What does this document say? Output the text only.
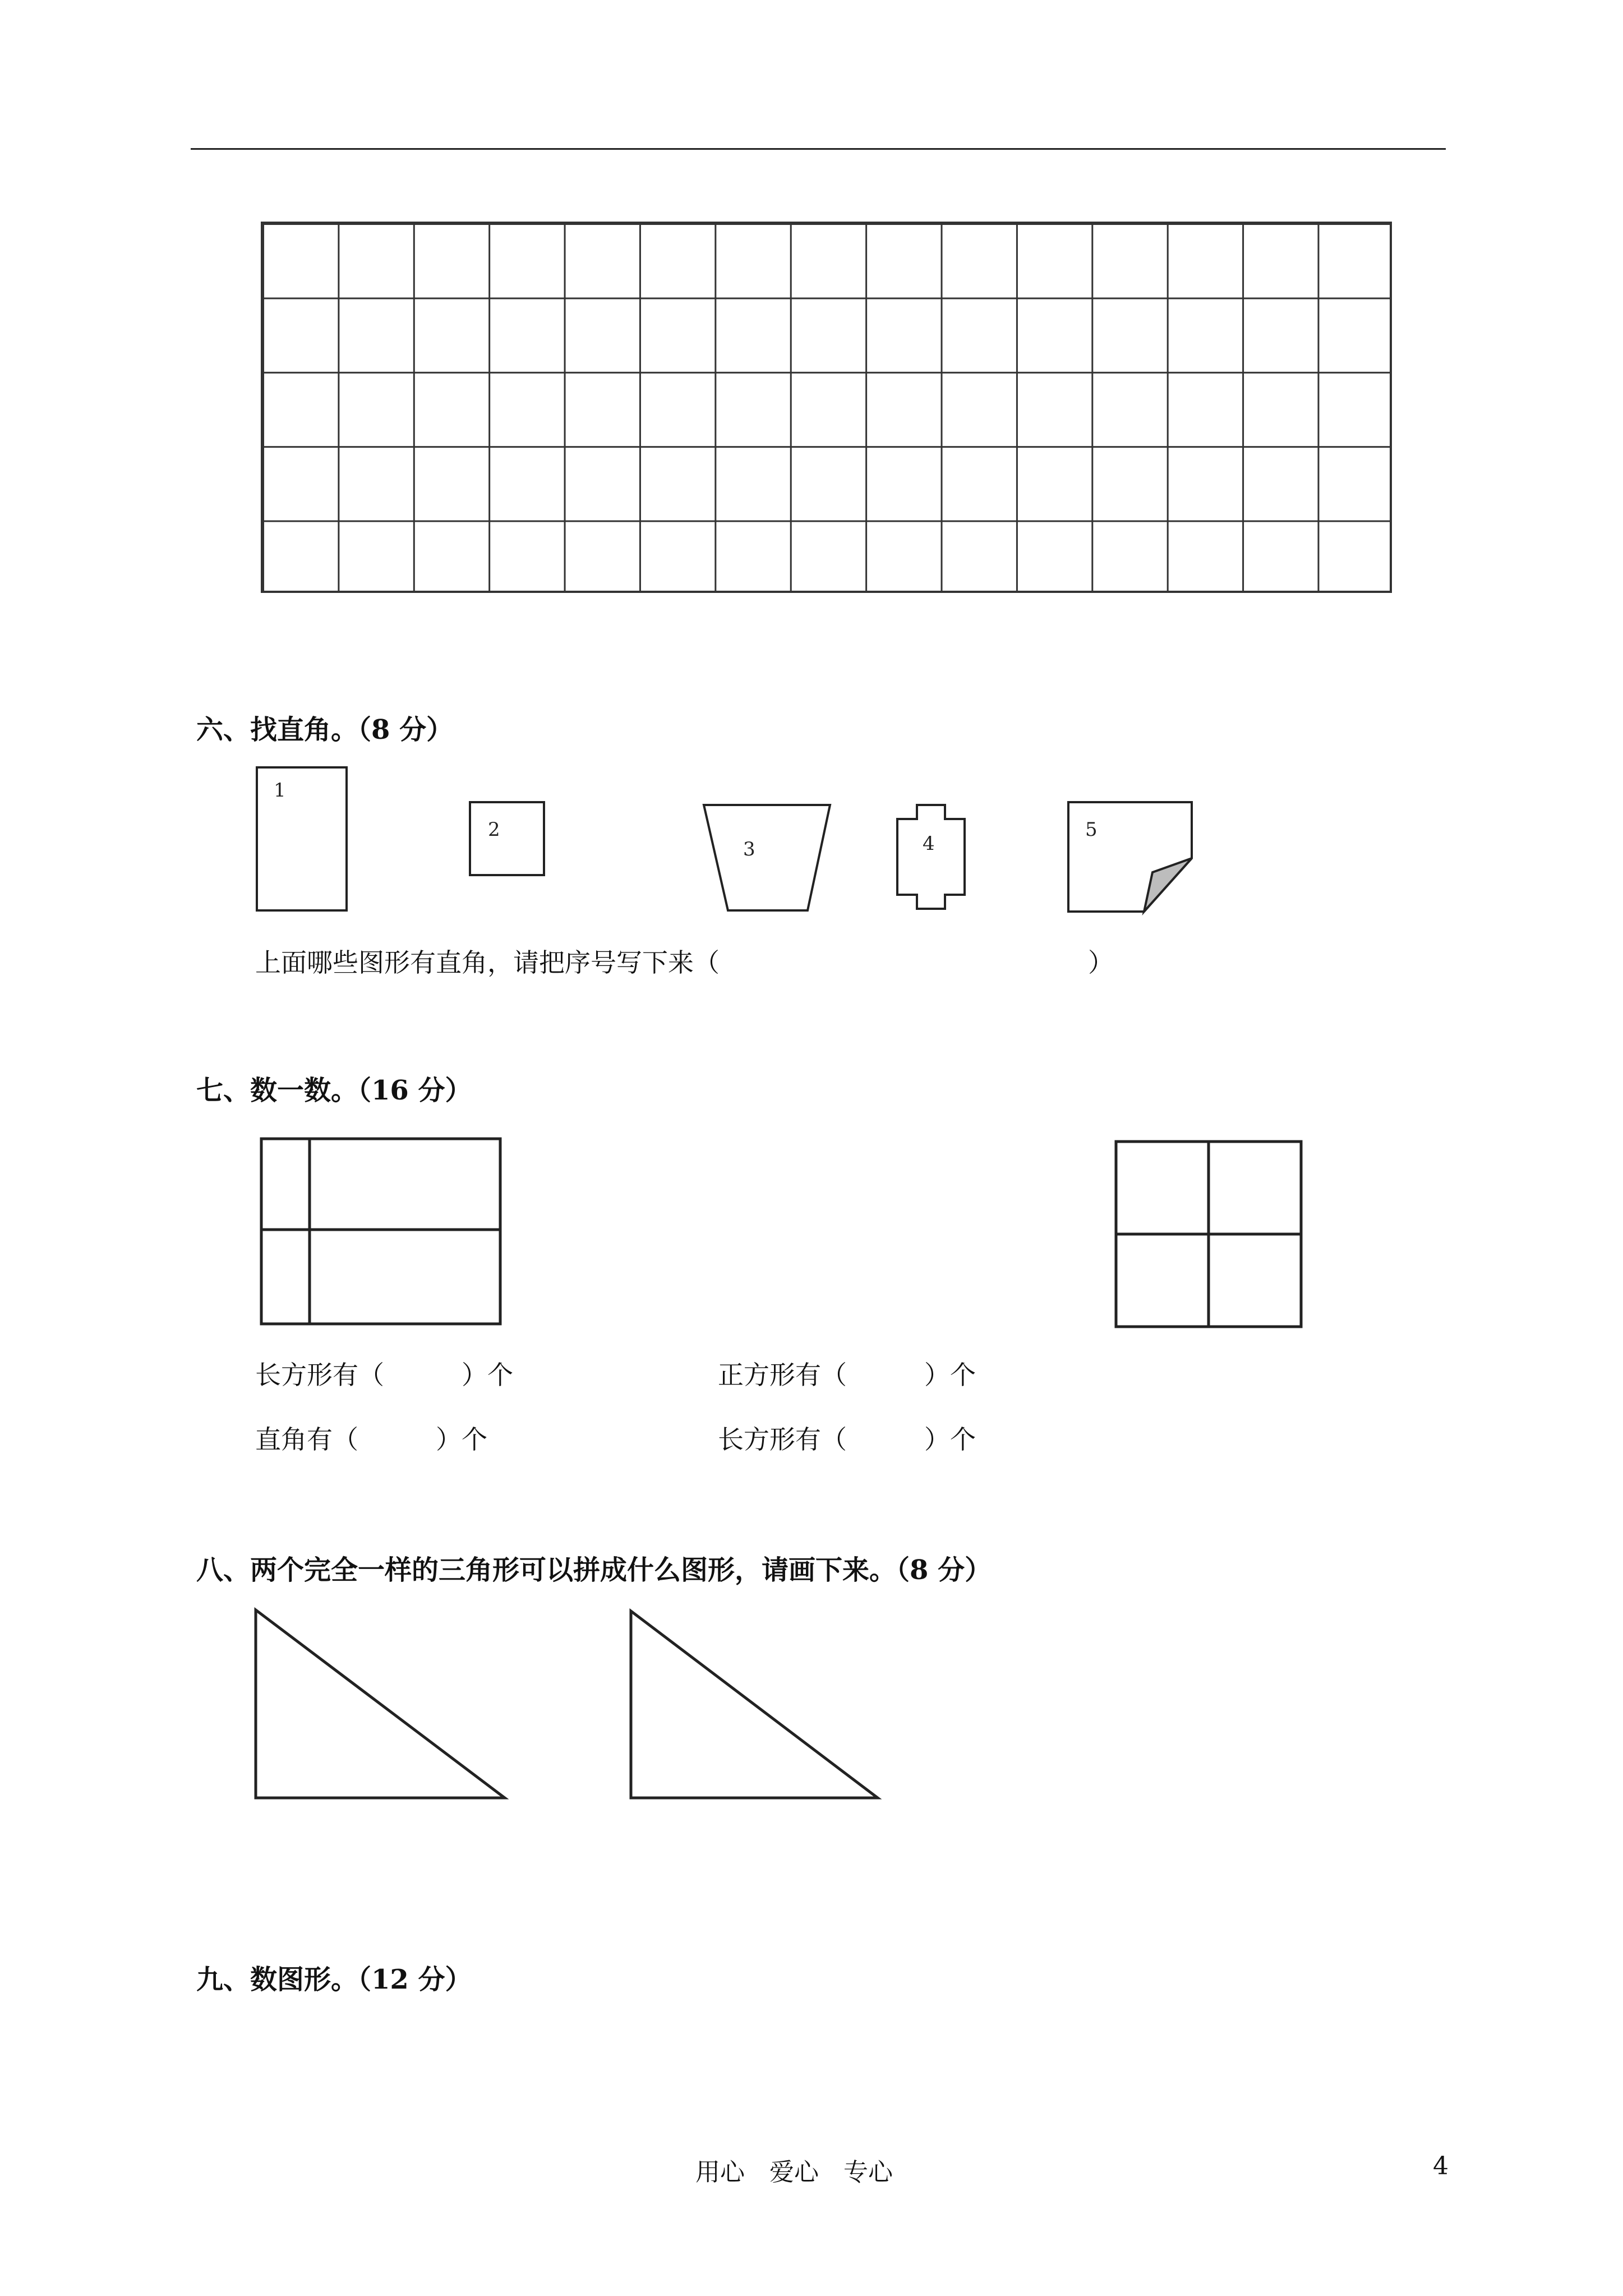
六、找直角。（8 分）
1
2
3	4
5
上面哪些图形有直角，请把序号写下来（	）
七、数一数。（16 分）
长方形有（　　　）个	正方形有（　　　）个
直角有（　　　）个	长方形有（　　　）个
八、两个完全一样的三角形可以拼成什么图形，请画下来。（8 分）
九、数图形。（12 分）
用心　爱心　专心	4
